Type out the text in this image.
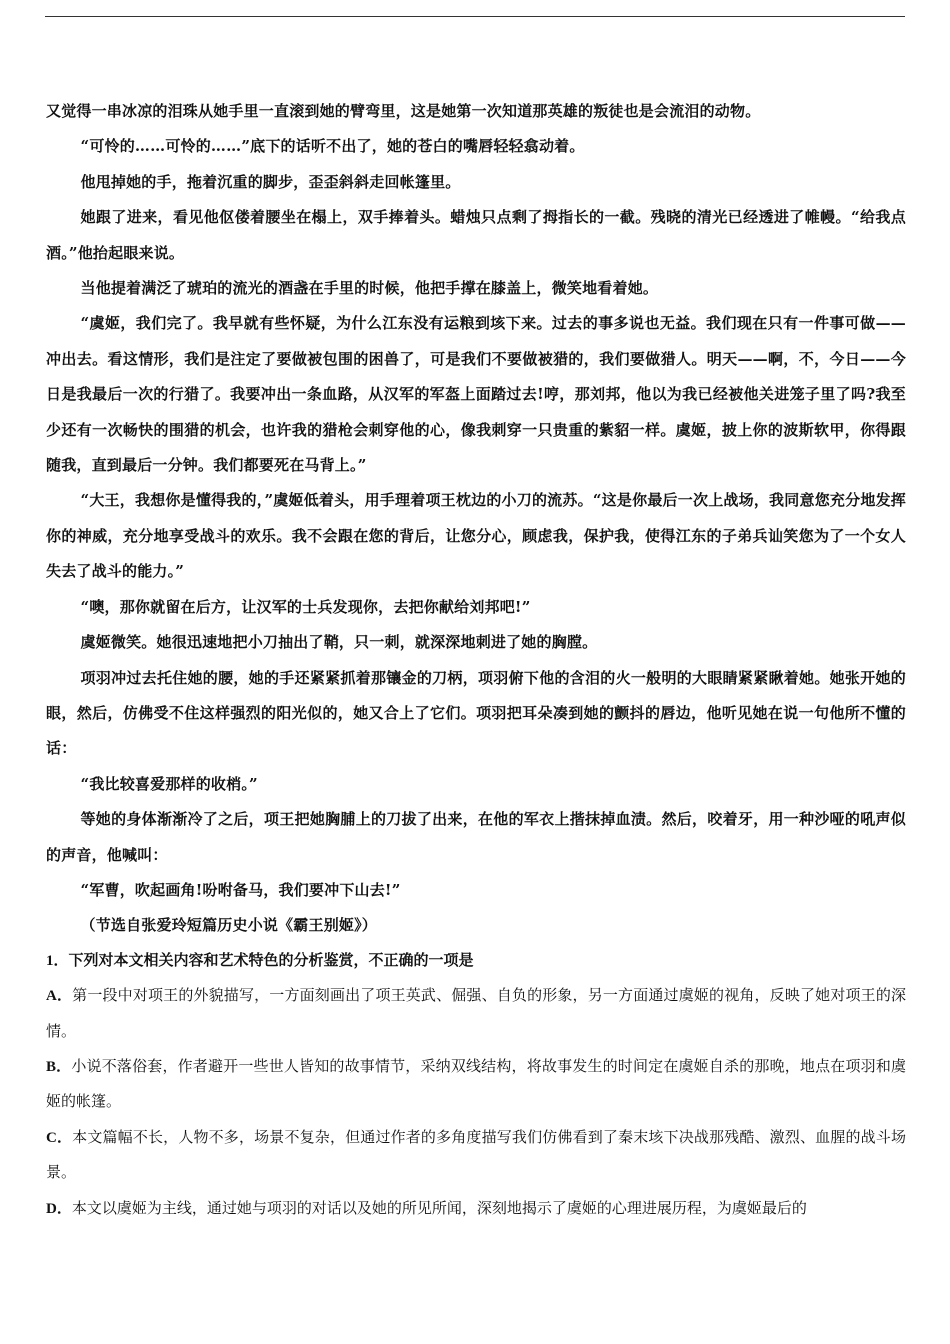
又觉得一串冰凉的泪珠从她手里一直滚到她的臂弯里，这是她第一次知道那英雄的叛徒也是会流泪的动物。

“可怜的……可怜的……”底下的话听不出了，她的苍白的嘴唇轻轻翕动着。

他甩掉她的手，拖着沉重的脚步，歪歪斜斜走回帐篷里。

她跟了进来，看见他伛偻着腰坐在榻上，双手捧着头。蜡烛只点剩了拇指长的一截。残晓的清光已经透进了帷幔。“给我点酒。”他抬起眼来说。

当他提着满泛了琥珀的流光的酒盏在手里的时候，他把手撑在膝盖上，微笑地看着她。

“虞姬，我们完了。我早就有些怀疑，为什么江东没有运粮到垓下来。过去的事多说也无益。我们现在只有一件事可做——冲出去。看这情形，我们是注定了要做被包围的困兽了，可是我们不要做被猎的，我们要做猎人。明天——啊，不，今日——今日是我最后一次的行猎了。我要冲出一条血路，从汉军的军盔上面踏过去!哼，那刘邦，他以为我已经被他关进笼子里了吗?我至少还有一次畅快的围猎的机会，也许我的猎枪会刺穿他的心，像我刺穿一只贵重的紫貂一样。虞姬，披上你的波斯软甲，你得跟随我，直到最后一分钟。我们都要死在马背上。”

“大王，我想你是懂得我的，”虞姬低着头，用手理着项王枕边的小刀的流苏。“这是你最后一次上战场，我同意您充分地发挥你的神威，充分地享受战斗的欢乐。我不会跟在您的背后，让您分心，顾虑我，保护我，使得江东的子弟兵讪笑您为了一个女人失去了战斗的能力。”

“噢，那你就留在后方，让汉军的士兵发现你，去把你献给刘邦吧!”

虞姬微笑。她很迅速地把小刀抽出了鞘，只一刺，就深深地刺进了她的胸膛。

项羽冲过去托住她的腰，她的手还紧紧抓着那镶金的刀柄，项羽俯下他的含泪的火一般明的大眼睛紧紧瞅着她。她张开她的眼，然后，仿佛受不住这样强烈的阳光似的，她又合上了它们。项羽把耳朵凑到她的颤抖的唇边，他听见她在说一句他所不懂的话：

“我比较喜爱那样的收梢。”

等她的身体渐渐冷了之后，项王把她胸脯上的刀拔了出来，在他的军衣上揩抹掉血渍。然后，咬着牙，用一种沙哑的吼声似的声音，他喊叫：

“军曹，吹起画角!吩咐备马，我们要冲下山去!”

（节选自张爱玲短篇历史小说《霸王别姬》）

1．下列对本文相关内容和艺术特色的分析鉴赏，不正确的一项是

A．第一段中对项王的外貌描写，一方面刻画出了项王英武、倔强、自负的形象，另一方面通过虞姬的视角，反映了她对项王的深情。

B．小说不落俗套，作者避开一些世人皆知的故事情节，采纳双线结构，将故事发生的时间定在虞姬自杀的那晚，地点在项羽和虞姬的帐篷。

C．本文篇幅不长，人物不多，场景不复杂，但通过作者的多角度描写我们仿佛看到了秦末垓下决战那残酷、激烈、血腥的战斗场景。

D．本文以虞姬为主线，通过她与项羽的对话以及她的所见所闻，深刻地揭示了虞姬的心理进展历程，为虞姬最后的
